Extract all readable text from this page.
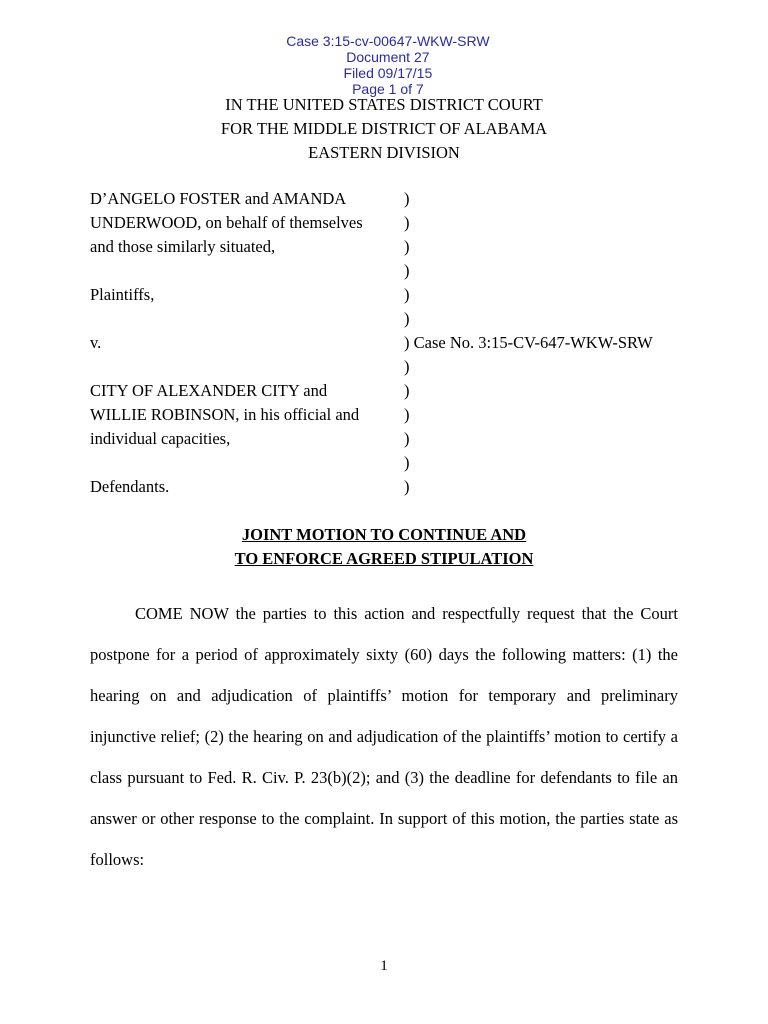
Case 3:15-cv-00647-WKW-SRW
Document 27
Filed 09/17/15
Page 1 of 7

IN THE UNITED STATES DISTRICT COURT
FOR THE MIDDLE DISTRICT OF ALABAMA
EASTERN DIVISION
D’ANGELO FOSTER and AMANDA	)
UNDERWOOD, on behalf of themselves	)
and those similarly situated,	)
)
Plaintiffs,	)
)
v.	) Case No. 3:15-CV-647-WKW-SRW
)
CITY OF ALEXANDER CITY and	)
WILLIE ROBINSON, in his official and	)
individual capacities,	)
)
Defendants.	)
JOINT MOTION TO CONTINUE AND
TO ENFORCE AGREED STIPULATION

COME NOW the parties to this action and respectfully request that the Court postpone for a period of approximately sixty (60) days the following matters: (1) the hearing on and adjudication of plaintiffs’ motion for temporary and preliminary injunctive relief; (2) the hearing on and adjudication of the plaintiffs’ motion to certify a class pursuant to Fed. R. Civ. P. 23(b)(2); and (3) the deadline for defendants to file an answer or other response to the complaint. In support of this motion, the parties state as follows:

1
